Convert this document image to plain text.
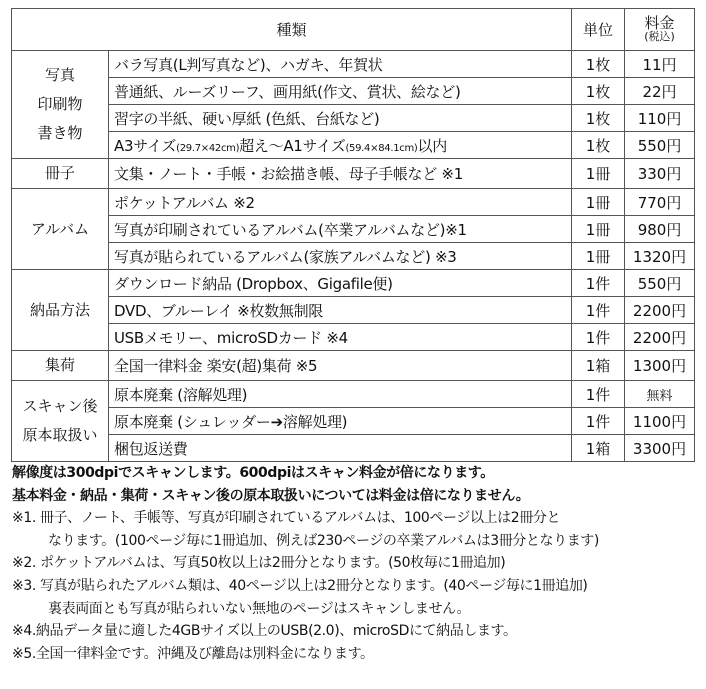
種類		単位	料金
(税込)

写真
印刷物
書き物	バラ写真(L判写真など)、ハガキ、年賀状	1枚	11円
	普通紙、ルーズリーフ、画用紙(作文、賞状、絵など)	1枚	22円
	習字の半紙、硬い厚紙 (色紙、台紙など)	1枚	110円
	A3サイズ(29.7×42cm)超え〜A1サイズ(59.4×84.1cm)以内	1枚	550円
冊子	文集・ノート・手帳・お絵描き帳、母子手帳など ※1	1冊	330円
アルバム	ポケットアルバム ※2	1冊	770円
	写真が印刷されているアルバム(卒業アルバムなど)※1	1冊	980円
	写真が貼られているアルバム(家族アルバムなど) ※3	1冊	1320円
納品方法	ダウンロード納品 (Dropbox、Gigafile便)	1件	550円
	DVD、ブルーレイ ※枚数無制限	1件	2200円
	USBメモリー、microSDカード ※4	1件	2200円
集荷	全国一律料金 楽安(超)集荷 ※5	1箱	1300円

スキャン後
原本取扱い	原本廃棄 (溶解処理)	1件	無料
	原本廃棄 (シュレッダー➔溶解処理)	1件	1100円
	梱包返送費	1箱	3300円
解像度は300dpiでスキャンします。600dpiはスキャン料金が倍になります。
基本料金・納品・集荷・スキャン後の原本取扱いについては料金は倍になりません。
※1. 冊子、ノート、手帳等、写真が印刷されているアルバムは、100ページ以上は2冊分と
なります。(100ページ毎に1冊追加、例えば230ページの卒業アルバムは3冊分となります)
※2. ポケットアルバムは、写真50枚以上は2冊分となります。(50枚毎に1冊追加)
※3. 写真が貼られたアルバム類は、40ページ以上は2冊分となります。(40ページ毎に1冊追加)
裏表両面とも写真が貼られいない無地のページはスキャンしません。
※4.納品データ量に適した4GBサイズ以上のUSB(2.0)、microSDにて納品します。
※5.全国一律料金です。沖縄及び離島は別料金になります。
